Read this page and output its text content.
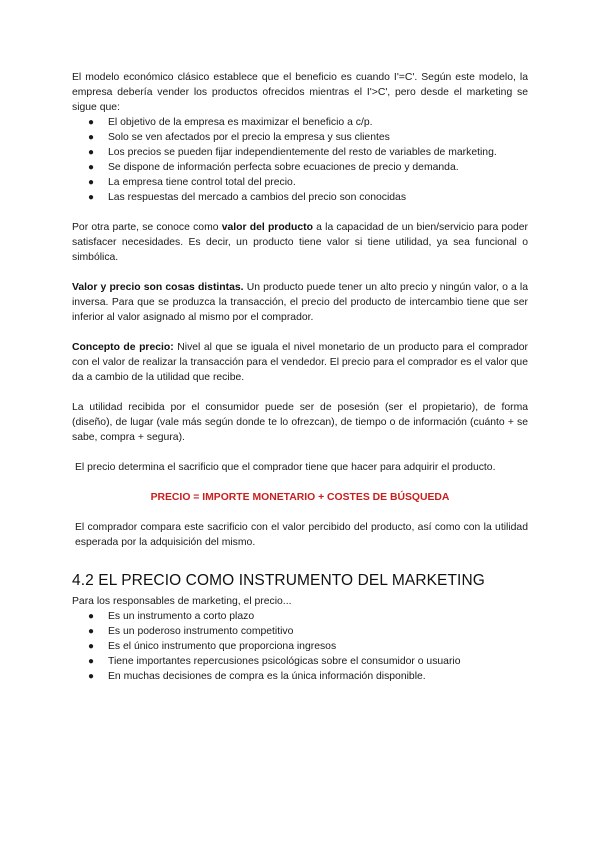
El modelo económico clásico establece que el beneficio es cuando I'=C'. Según este modelo, la empresa debería vender los productos ofrecidos mientras el I'>C', pero desde el marketing se sigue que:

● El objetivo de la empresa es maximizar el beneficio a c/p.
● Solo se ven afectados por el precio la empresa y sus clientes
● Los precios se pueden fijar independientemente del resto de variables de marketing.
● Se dispone de información perfecta sobre ecuaciones de precio y demanda.
● La empresa tiene control total del precio.
● Las respuestas del mercado a cambios del precio son conocidas

Por otra parte, se conoce como valor del producto a la capacidad de un bien/servicio para poder satisfacer necesidades. Es decir, un producto tiene valor si tiene utilidad, ya sea funcional o simbólica.

Valor y precio son cosas distintas. Un producto puede tener un alto precio y ningún valor, o a la inversa. Para que se produzca la transacción, el precio del producto de intercambio tiene que ser inferior al valor asignado al mismo por el comprador.

Concepto de precio: Nivel al que se iguala el nivel monetario de un producto para el comprador con el valor de realizar la transacción para el vendedor. El precio para el comprador es el valor que da a cambio de la utilidad que recibe.

La utilidad recibida por el consumidor puede ser de posesión (ser el propietario), de forma (diseño), de lugar (vale más según donde te lo ofrezcan), de tiempo o de información (cuánto + se sabe, compra + segura).

El precio determina el sacrificio que el comprador tiene que hacer para adquirir el producto.

PRECIO = IMPORTE MONETARIO + COSTES DE BÚSQUEDA

El comprador compara este sacrificio con el valor percibido del producto, así como con la utilidad esperada por la adquisición del mismo.

4.2 EL PRECIO COMO INSTRUMENTO DEL MARKETING

Para los responsables de marketing, el precio...

● Es un instrumento a corto plazo
● Es un poderoso instrumento competitivo
● Es el único instrumento que proporciona ingresos
● Tiene importantes repercusiones psicológicas sobre el consumidor o usuario
● En muchas decisiones de compra es la única información disponible.
